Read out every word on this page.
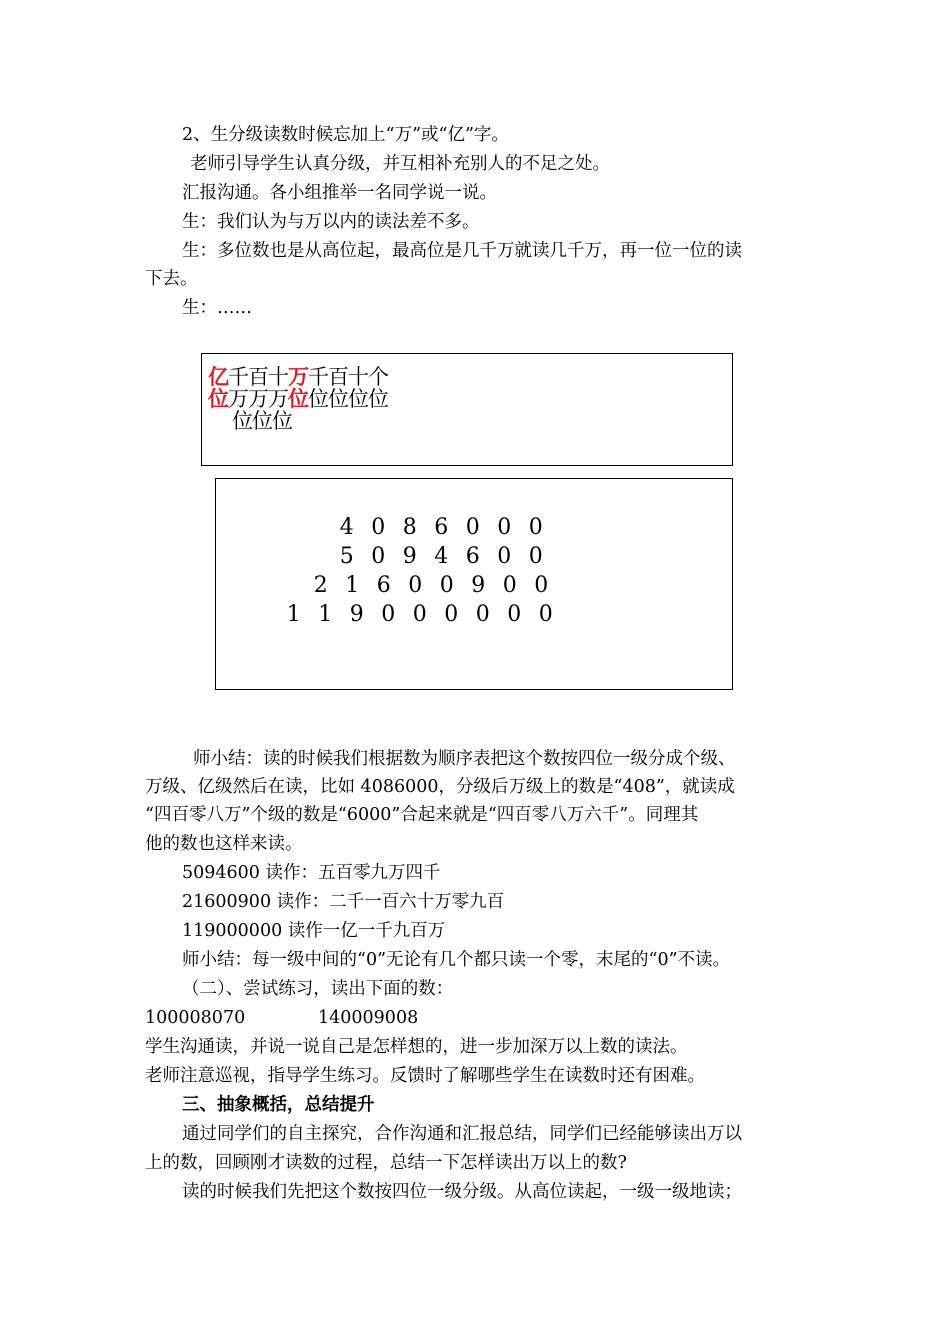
2、生分级读数时候忘加上“万”或“亿”字。
老师引导学生认真分级，并互相补充别人的不足之处。
汇报沟通。各小组推举一名同学说一说。
生：我们认为与万以内的读法差不多。
生：多位数也是从高位起，最高位是几千万就读几千万，再一位一位的读
下去。
生：……
亿千百十万千百十个
位万万万位位位位位
位位位

4 0 8 6 0 0 0

5 0 9 4 6 0 0

2 1 6 0 0 9 0 0

1 1 9 0 0 0 0 0 0

师小结：读的时候我们根据数为顺序表把这个数按四位一级分成个级、
万级、亿级然后在读，比如 4086000，分级后万级上的数是“408”，就读成
“四百零八万”个级的数是“6000”合起来就是“四百零八万六千”。同理其
他的数也这样来读。
5094600 读作：五百零九万四千
21600900 读作：二千一百六十万零九百
119000000 读作一亿一千九百万
师小结：每一级中间的“0”无论有几个都只读一个零，末尾的“0”不读。
（二）、尝试练习，读出下面的数：
100008070	140009008
学生沟通读，并说一说自己是怎样想的，进一步加深万以上数的读法。
老师注意巡视，指导学生练习。反馈时了解哪些学生在读数时还有困难。
三、抽象概括，总结提升
通过同学们的自主探究，合作沟通和汇报总结，同学们已经能够读出万以
上的数，回顾刚才读数的过程，总结一下怎样读出万以上的数?
读的时候我们先把这个数按四位一级分级。从高位读起，一级一级地读；
